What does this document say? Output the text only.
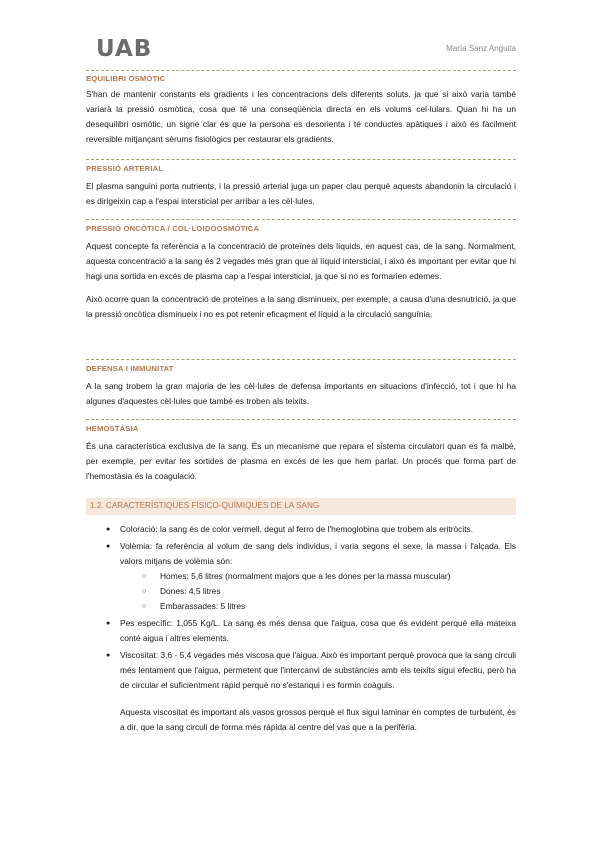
UAB	María Sanz Anguita
EQUILIBRI OSMÒTIC

S'han de mantenir constants els gradients i les concentracions dels diferents soluts, ja que si això varia també variarà la pressió osmòtica, cosa que té una conseqüència directa en els volums cel·lulars. Quan hi ha un desequilibri osmòtic, un signe clar és que la persona es desorienta i té conductes apàtiques i això és fàcilment reversible mitjançant sèrums fisiològics per restaurar els gradients.

PRESSIÓ ARTERIAL

El plasma sanguini porta nutrients, i la pressió arterial juga un paper clau perquè aquests abandonin la circulació i es dirigeixin cap a l'espai intersticial per arribar a les cèl·lules.

PRESSIÓ ONCÒTICA / COL·LOIDOOSMÒTICA

Aquest concepte fa referència a la concentració de proteïnes dels líquids, en aquest cas, de la sang. Normalment, aquesta concentració a la sang és 2 vegades més gran que al líquid intersticial, i això és important per evitar que hi hagi una sortida en excés de plasma cap a l'espai intersticial, ja que si no es formarien edemes.

Això ocorre quan la concentració de proteïnes a la sang disminueix, per exemple, a causa d'una desnutrició, ja que la pressió oncòtica disminueix i no es pot retenir eficaçment el líquid a la circulació sanguínia.

DEFENSA I IMMUNITAT

A la sang trobem la gran majoria de les cèl·lules de defensa importants en situacions d'infecció, tot i que hi ha algunes d'aquestes cèl·lules que també es troben als teixits.

HEMOSTÀSIA

És una característica exclusiva de la sang. És un mecanisme que repara el sistema circulatori quan es fa malbé, per exemple, per evitar les sortides de plasma en excés de les que hem parlat. Un procés que forma part de l'hemostàsia és la coagulació.

1.2. CARACTERÍSTIQUES FÍSICO-QUÍMIQUES DE LA SANG
● Coloració: la sang és de color vermell, degut al ferro de l'hemoglobina que trobem als eritròcits.
● Volèmia: fa referència al volum de sang dels individus, i varia segons el sexe, la massa i l'alçada. Els valors mitjans de volèmia són:
○ Homes: 5,6 litres (normalment majors que a les dones per la massa muscular)
○ Dones: 4,5 litres
○ Embarassades: 5 litres
● Pes específic: 1,055 Kg/L. La sang és més densa que l'aigua, cosa que és evident perquè ella mateixa conté aigua i altres elements.
● Viscositat: 3,6 - 5,4 vegades més viscosa que l'aigua. Això és important perquè provoca que la sang circuli més lentament que l'aigua, permetent que l'intercanvi de substàncies amb els teixits sigui efectiu, però ha de circular el suficientment ràpid perquè no s'estanqui i es formin coàguls.

Aquesta viscositat és important als vasos grossos perquè el flux sigui laminar en comptes de turbulent, és a dir, que la sang circuli de forma més ràpida al centre del vas que a la perifèria.
